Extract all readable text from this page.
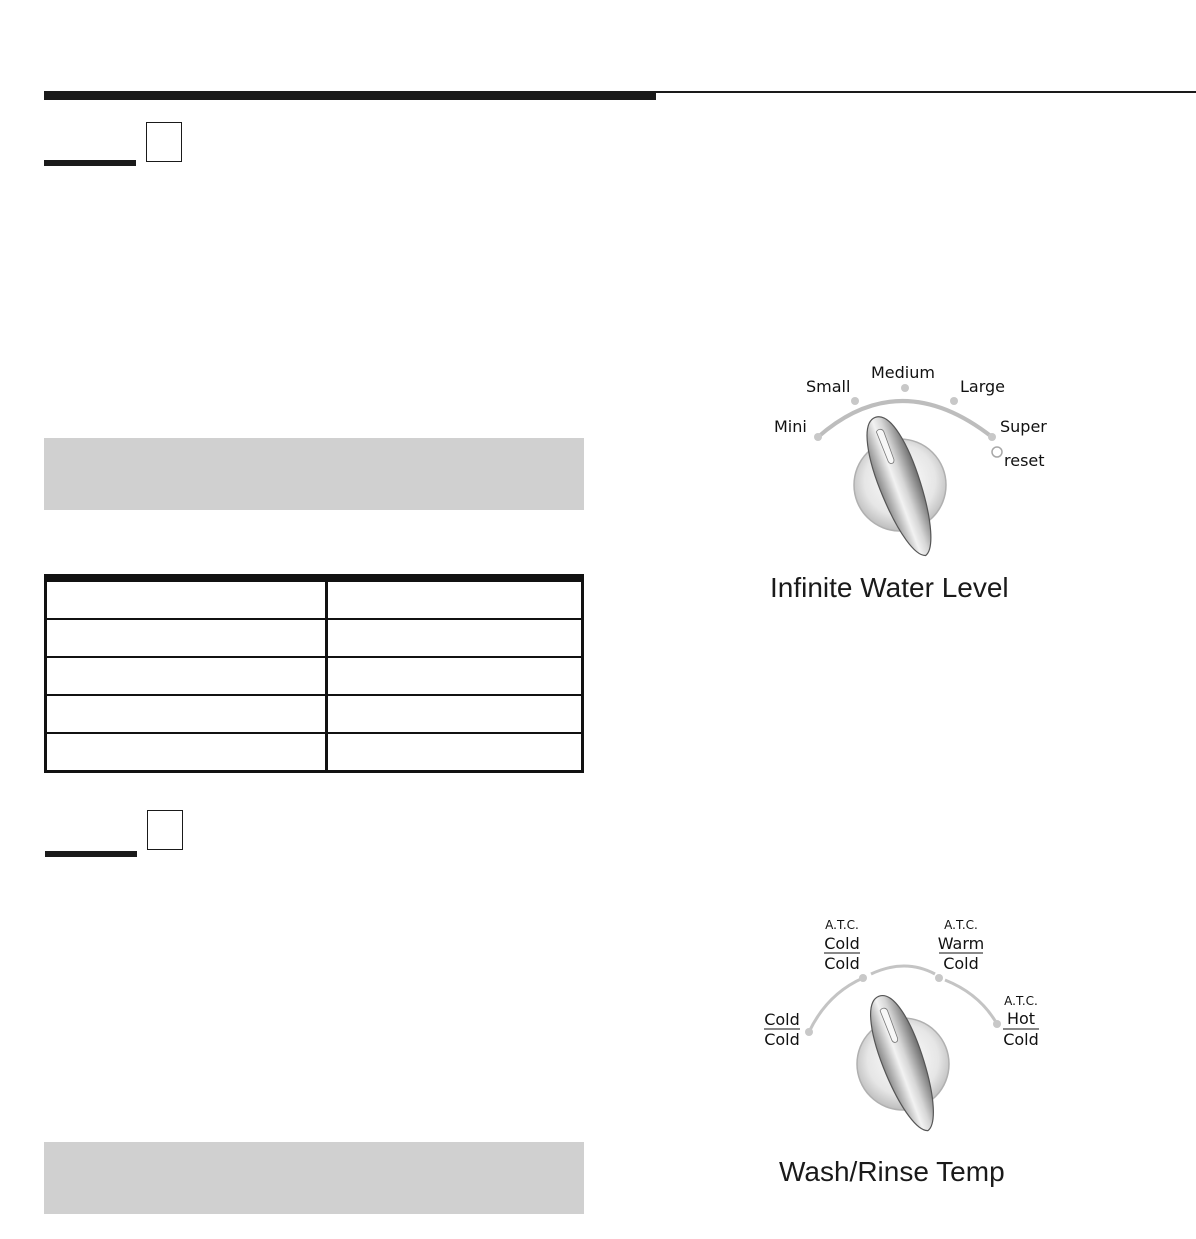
Mini
Small
Medium
Large
Super
reset
Infinite Water Level
Cold
Cold
A.T.C.
Cold
Cold
A.T.C.
Warm
Cold
A.T.C.
Hot
Cold
Wash/Rinse Temp
